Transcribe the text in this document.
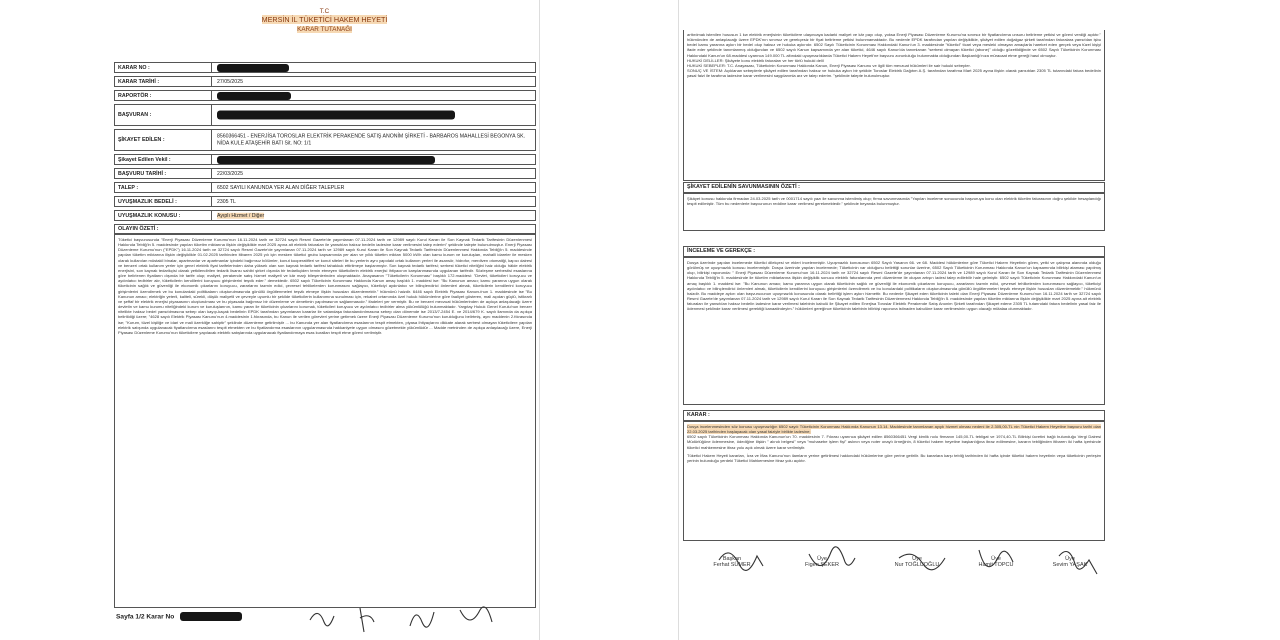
T.C
MERSİN İL TÜKETİCİ HAKEM HEYETİ
KARAR TUTANAĞI
KARAR NO :
KARAR TARİHİ :	27/05/2025
RAPORTÖR :
BAŞVURAN :
ŞİKAYET EDİLEN :
8560366451 - ENERJİSA TOROSLAR ELEKTRİK PERAKENDE SATIŞ ANONİM ŞİRKETİ - BARBAROS MAHALLESİ BEGONYA SK. NİDA KULE ATAŞEHİR BATI Sit. NO: 1/1
Şikayet Edilen Vekil :
BAŞVURU TARİHİ :	22/03/2025
TALEP :	6502 SAYILI KANUNDA YER ALAN DİĞER TALEPLER
UYUŞMAZLIK BEDELİ :	2305 TL
UYUŞMAZLIK KONUSU :	Ayıplı Hizmet / Diğer
OLAYIN ÖZETİ :
Tüketici başvurusunda "Enerji Piyasası Düzenleme Kurumu'nun 16.11.2024 tarih ve 32724 sayılı Resmi Gazete'de yayımlanan 07.11.2024 tarih ve 12989 sayılı Kurul Kararı ile Son Kaynak Tedarik Tarifesinin Düzenlenmesi Hakkında Tebliğ'in 5. maddesinde yapılan tüketim miktarına ilişkin değişiklikle mart 2025 ayına ait elektrik faturaları ile yansıtılan haksız bedelin iadesine karar verilmesini talep ederim" şeklinde talepte bulunulmuştur. Enerji Piyasası Düzenleme Kurumu'nun ("EPDK") 16.11.2024 tarih ve 32724 sayılı Resmi Gazete'de yayımlanan 07.11.2024 tarih ve 12989 sayılı Kurul Kararı ile Son Kaynak Tedarik Tarifesinin Düzenlenmesi Hakkında Tebliğ'in 5. maddesinde yapılan tüketim miktarına ilişkin değişiklikle 01.02.2025 tarihinden itibaren 2025 yılı için mesken tüketici grubu kapsamında yer alan ve yıllık tüketim miktarı 5000 kWh olan kamu kurum ve kuruluşları, mahalli idareler ile mesken olarak kullanılan müstakil binalar, apartmanlar ve apartmanlar içindeki bağımsız bölümler, konut kooperatifleri ve konut siteleri ile bu yerlerin aynı yapıdaki ortak kullanım yerleri ile asansör, hidrofor, merdiven otomatiği, kapıcı dairesi ve benzeri ortak kullanım yerler için genel elektrik fiyat tarifelerinden daha yüksek olan son kaynak tedarik tarifesi tahakkuk ettirilmeye başlanmıştır. Son kaynak tedarik tarifesi; serbest tüketici niteliğini haiz olduğu hâlde elektrik enerjisini, son kaynak tedarikçisi olarak yetkilendirilen tedarik lisansı sahibi şirket dışında bir tedarikçiden temin etmeyen tüketicilerin elektrik enerjisi ihtiyacının karşılanmasında uygulanan tarifedir. Sözleşme serbestisi esaslarına göre belirlenen fiyatların dışında bir tarife olup; maliyet, perakende satış hizmet maliyeti ve kâr marjı bileşenlerinden oluşmaktadır. Anayasanın "Tüketicilerin Korunması" başlıklı 172.maddesi: "Devlet, tüketicileri koruyucu ve aydınlatıcı tedbirler alır, tüketicilerin kendilerini koruyucu girişimlerini teşvik eder." demektedir. 6502 sayılı Tüketicinin Korunması Hakkında Kanun amaç başlıklı 1. maddesi ise: "Bu Kanunun amacı; kamu yararına uygun olarak tüketicinin sağlık ve güvenliği ile ekonomik çıkarlarını koruyucu, zararlarını tazmin edici, çevresel tehlikelerden korunmasını sağlayıcı, tüketiciyi aydınlatıcı ve bilinçlendirici önlemleri almak, tüketicilerin kendilerini koruyucu girişimlerini özendirmek ve bu konulardaki politikaların oluşturulmasında gönüllü örgütlenmeleri teşvik etmeye ilişkin hususları düzenlemektir." hükmünü haizdir. 6446 sayılı Elektrik Piyasası Kanunu'nun 1. maddesinde ise "Bu Kanunun amacı; elektriğin yeterli, kaliteli, sürekli, düşük maliyetli ve çevreyle uyumlu bir şekilde tüketicilerin kullanımına sunulması için, rekabet ortamında özel hukuk hükümlerine göre faaliyet gösteren, mali açıdan güçlü, istikrarlı ve şeffaf bir elektrik enerjisi piyasasının oluşturulması ve bu piyasada bağımsız bir düzenleme ve denetimin yapılmasının sağlanmasıdır." ifadeleri yer vermiştir. Bu ve benzeri mevzuat hükümlerinden de açıkça anlaşılacağı üzere devletin ve kamu kurumu niteliğindeki kurum ve kuruluşlarının, kamu yararı ile tüketicinin çıkarlarını korumak, tüketicileri koruyucu ve aydınlatıcı tedbirler alma yükümlülüğü bulunmaktadır. Yargıtay Hukuk Genel Kurulu'nun benzer nitelikte haksız bedel yansıtılmasına sebep olan kayıp-kaçak bedelinin EPDK tarafından yayımlanan kararlar ile vatandaşa faturalandırılmasına sebep olan dönemde ise 2013/7-2454 E. ve 2014/679 K. sayılı ilamında da açıkça belirtildiği üzere; "4628 sayılı Elektrik Piyasası Kanunu'nun 4.maddesinin 1.fıkrasında, bu Kanun ile verilen görevleri yerine getirmek üzere Enerji Piyasası Düzenleme Kurumu'nun kurulduğunu belirtmiş, aynı maddenin 2.fıkrasında ise; "Kurum, tüzel kişiliğe ve idari ve mali özerkliğe sahiptir" şeklinde düzenleme getirilmiştir ... bu Kanunda yer alan fiyatlandırma esaslarının tespit etmekten, piyasa ihtiyaçlarını dikkate alarak serbest olmayan tüketicilere yapılan elektrik satışında uygulanacak fiyatlandırma esaslarını tespit etmekten ve bu fiyatlandırma esaslarının uygulanmasında hakkaniyete uygun olmasını gözetmekle yükümlüdür ... Madde metninden de açıkça anlaşılacağı üzere, Enerji Piyasası Düzenleme Kurumu'nun tüketicilere yapılacak elektrik satışlarında uygulanacak fiyatlandırmaya esas kuralları tespit etme görevi verilmiştir.
Sayfa 1/2 Karar No
arttırılmak istenilen hususun 1 kw elektrik enerjisinin tüketicilere ulaşıncaya kadarki maliyet ve kâr payı olup, yoksa Enerji Piyasası Düzenleme Kurumu'na sınırsız bir fiyatlandırma unsuru belirleme yetkisi ve görevi verdiği açıktır." hükmünden de anlaşılacağı üzere EPDK'nın sınırsız ve gerekçesiz bir fiyat belirleme yetkisi bulunmamaktadır. Bu nedenle EPDK tarafından yapılan değişiklikle, şikâyet edilen doğalgaz şirketi tarafından faturalara yansıtılan işbu bedel kamu yararına aykırı bir bedel olup haksız ve hukuka aykırıdır. 6502 Sayılı Tüketicinin Korunması Hakkındaki Kanun'un 3. maddesinde "tüketici" ticari veya mesleki olmayan amaçlarla hareket eden gerçek veya tüzel kişiyi ifade eder şeklinde tanımlanmış olduğundan ve 6502 sayılı Kanun kapsamında yer alan tüketici, 4646 sayılı Kanun'da tanımlanan "serbest olmayan tüketici (abone)" olduğu gözetildiğinde ve 6502 Sayılı Tüketicinin Korunması Hakkındaki Kanun'un 68.maddesi uyarınca 149.000 TL altındaki uyuşmazlıklarda Tüketici Hakem Heyeti'ne başvuru zorunluluğu bulunmakta olduğundan Başkanlığı'nıza müracaat etme gereği hasıl olmuştur.
HUKUKİ DELİLLER: Şikâyete konu elektrik faturaları ve her türlü hukuki delil
HUKUKİ SEBEPLER: T.C. Anayasası, Tüketicinin Korunması Hakkında Kanun, Enerji Piyasası Kanunu ve ilgili tüm mevzuat hükümleri ile sair hukuki sebepler.
SONUÇ VE İSTEM: Açıklanan sebeplerle şikâyet edilen tarafından haksız ve hukuka aykırı bir şekilde Toroslar Elektrik Dağıtım A.Ş. tarafından tarafıma Mart 2025 ayına ilişkin olarak yansıtılan 2305 TL tutarındaki fatura bedelinin yasal faizi ile tarafıma iadesine karar verilmesini saygılarımla arz ve talep ederim. "şeklinde talepte bulunulmuştur.
ŞİKAYET EDİLENİN SAVUNMASININ ÖZETİ :
Şikâyet konusu hakkında firmadan 24.03.2025 tarih ve 0001714 sayılı yazı ile savunma istenilmiş olup; firma savunmasında "Yapılan inceleme sonucunda başvuruya konu olan elektrik tüketim faturasının doğru şekilde hesaplandığı tespit edilmiştir. Tüm bu nedenlerle başvurunun reddine karar verilmesi gerekmektedir." şeklinde beyanda bulunmuştur.
İNCELEME VE GEREKÇE :
Dosya üzerinde yapılan incelemede tüketici dilekçesi ve ekleri incelenmiştir. Uyuşmazlık konusunun 6502 Sayılı Yasanın 66. ve 68. Maddesi hükümlerine göre Tüketici Hakem Heyetinin görev, yetki ve çalışma alanında olduğu görülmüş ve uyuşmazlık konusu incelenmiştir. Dosya üzerinde yapılan incelemede; Tüketicinin var olduğunu belirttiği sorunlar üzerine, 6502 Sayılı Tüketicinin Korunması Hakkında Kanun'un kapsamında bilirkişi ataması yapılmış olup, bilirkişi raporunda: " Enerji Piyasası Düzenleme Kurumu'nun 16.11.2024 tarih ve 32724 sayılı Resmi Gazete'de yayımlanan 07.11.2024 tarih ve 12989 sayılı Kurul Kararı ile Son Kaynak Tedarik Tarifesinin Düzenlenmesi Hakkında Tebliğ'in 5. maddesinde ile tüketim miktarlarına ilişkin değişiklik sonucu elektrik faturalarında yeni düzenleme ile oluşan artışın iadesi talep edilebilir hale gelmiştir. 6502 sayılı Tüketicinin Korunması Hakkındaki Kanun'un amaç başlıklı 1. maddesi ise: "Bu Kanunun amacı; kamu yararına uygun olarak tüketicinin sağlık ve güvenliği ile ekonomik çıkarlarını koruyucu, zararlarını tazmin edici, çevresel tehlikelerden korunmasını sağlayıcı, tüketiciyi aydınlatıcı ve bilinçlendirici önlemleri almak, tüketicilerin kendilerini koruyucu girişimlerini özendirmek ve bu konulardaki politikaların oluşturulmasında gönüllü örgütlenmeleri teşvik etmeye ilişkin hususları düzenlemektir." hükmünü haizdir. Bu maddeye aykırı olan başvurucunun uyuşmazlık konusunda olarak belirttiği işlem aykırı hizmettir. Bu nedenle Şikayet eden tüketicinin talebi olan Enerji Piyasası Düzenleme Kurumu'nun 16.11.2024 tarih ve 32724 sayılı Resmi Gazete'de yayımlanan 07.11.2024 tarih ve 12989 sayılı Kurul Kararı ile Son Kaynak Tedarik Tarifesinin Düzenlenmesi Hakkında Tebliğ'in 5. maddesinde yapılan tüketim miktarına ilişkin değişiklikle mart 2025 ayına ait elektrik faturaları ile yansıtılan haksız bedelin iadesine karar verilmesi talebinin kabulü ile Şikayet edilen Enerjisa Toroslar Elektrik Perakende Satış Anonim Şirketi tarafından Şikayet edene 2305 TL tutarındaki fatura bedelinin yasal faiz ile ödenmesi şeklinde karar verilmesi gerektiği kanaatindeyim." hükümleri gereğince tüketicinin talebinin bilirkişi raporuna istinaden kabulüne karar verilmesinin uygun olacağı mütalaa olunmaktadır.
KARAR :
Dosya incelenmesinden söz konusu uyuşmazlığın 6502 sayılı Tüketicinin Korunması Hakkında Kanunun 13.14. Maddesinde tanımlanan ayıplı hizmet olması nedeni ile 2.305,00-TL nin Tüketici Hakem Heyetine başvuru tarihi olan 22.03.2025 tarihinden başlayacak olan yasal faiziyle birlikte iadesine;
6502 sayılı Tüketicinin Korunması Hakkında Kanunun'un 70. maddesinin 7. Fıkrası uyarınca şikâyet edilen 8560366451 Vergi kimlik nolu firmanın 145,00-TL tebligat ve 1974,40-TL Bilirkişi ücretini bağlı bulunduğu Vergi Dairesi Müdürlüğüne ödenmesine, ödediğine ilişkin " alındı belgesi" veya "muhasebe işlem fişi" aslının veya noter onaylı örneğinin, 8 tüketici hakem heyetine başkanlığına ibraz edilmesine, kararın tebliğinden itibaren iki hafta içerisinde tüketici mahkemesine itiraz yolu açık olmak üzere karar verilmiştir.
Tüketici Hakem Heyeti kararları, İcra ve İflas Kanunu'nun ilamların yerine getirilmesi hakkındaki hükümlerine göre yerine getirilir. Bu kararlara karşı tebliğ tarihinden iki hafta içinde tüketici hakem heyetinin veya tüketicinin yerleşim yerinin bulunduğu yerdeki Tüketici Mahkemesine itiraz yolu açıktır.
Başkan
Ferhat SÜMER
Üye
Figen ŞEKER
Üye
Nur TOĞLUOĞLU
Üye
Hamit TOPCU
Üye
Sevim YAŞAK
